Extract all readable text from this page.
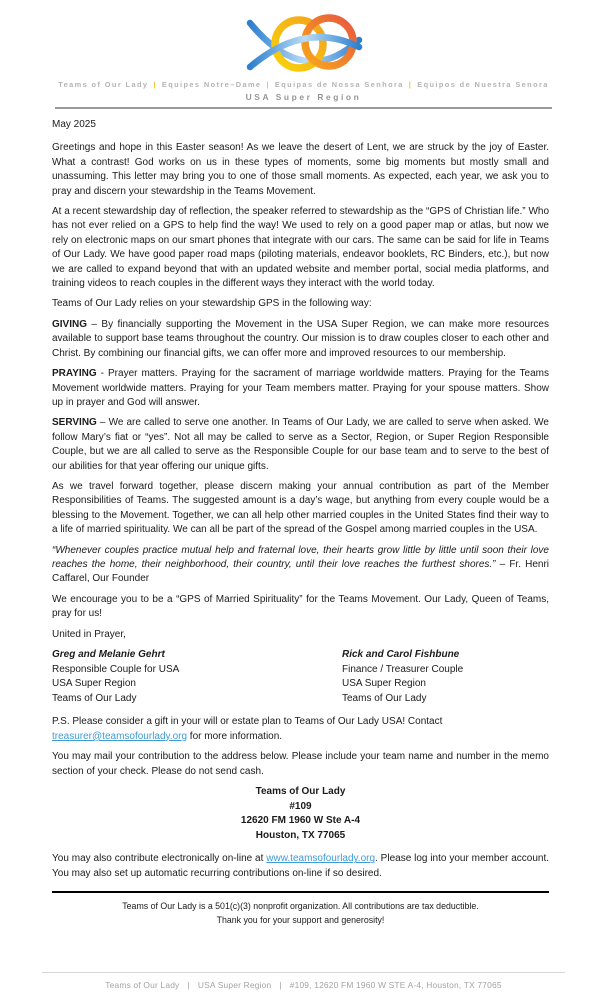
Teams of Our Lady | Equipes Notre–Dame | Equipas de Nossa Senhora | Equipos de Nuestra Senora
USA Super Region

May 2025

Greetings and hope in this Easter season! As we leave the desert of Lent, we are struck by the joy of Easter. What a contrast! God works on us in these types of moments, some big moments but mostly small and unassuming. This letter may bring you to one of those small moments. As expected, each year, we ask you to pray and discern your stewardship in the Teams Movement.

At a recent stewardship day of reflection, the speaker referred to stewardship as the “GPS of Christian life.” Who has not ever relied on a GPS to help find the way! We used to rely on a good paper map or atlas, but now we rely on electronic maps on our smart phones that integrate with our cars. The same can be said for life in Teams of Our Lady. We have good paper road maps (piloting materials, endeavor booklets, RC Binders, etc.), but now we are called to expand beyond that with an updated website and member portal, social media platforms, and training videos to reach couples in the different ways they interact with the world today.

Teams of Our Lady relies on your stewardship GPS in the following way:

GIVING – By financially supporting the Movement in the USA Super Region, we can make more resources available to support base teams throughout the country. Our mission is to draw couples closer to each other and Christ. By combining our financial gifts, we can offer more and improved resources to our membership.

PRAYING - Prayer matters. Praying for the sacrament of marriage worldwide matters. Praying for the Teams Movement worldwide matters. Praying for your Team members matter. Praying for your spouse matters. Show up in prayer and God will answer.

SERVING – We are called to serve one another. In Teams of Our Lady, we are called to serve when asked. We follow Mary’s fiat or “yes”. Not all may be called to serve as a Sector, Region, or Super Region Responsible Couple, but we are all called to serve as the Responsible Couple for our base team and to serve to the best of our abilities for that year offering our unique gifts.

As we travel forward together, please discern making your annual contribution as part of the Member Responsibilities of Teams. The suggested amount is a day’s wage, but anything from every couple would be a blessing to the Movement. Together, we can all help other married couples in the United States find their way to a life of married spirituality. We can all be part of the spread of the Gospel among married couples in the USA.

“Whenever couples practice mutual help and fraternal love, their hearts grow little by little until soon their love reaches the home, their neighborhood, their country, until their love reaches the furthest shores.” – Fr. Henri Caffarel, Our Founder

We encourage you to be a “GPS of Married Spirituality” for the Teams Movement. Our Lady, Queen of Teams, pray for us!

United in Prayer,

Greg and Melanie Gehrt
Responsible Couple for USA
USA Super Region
Teams of Our Lady
Rick and Carol Fishbune
Finance / Treasurer Couple
USA Super Region
Teams of Our Lady

P.S. Please consider a gift in your will or estate plan to Teams of Our Lady USA! Contact treasurer@teamsofourlady.org for more information.

You may mail your contribution to the address below. Please include your team name and number in the memo section of your check. Please do not send cash.

Teams of Our Lady
#109
12620 FM 1960 W Ste A-4
Houston, TX 77065

You may also contribute electronically on-line at www.teamsofourlady.org. Please log into your member account. You may also set up automatic recurring contributions on-line if so desired.

Teams of Our Lady is a 501(c)(3) nonprofit organization. All contributions are tax deductible.
Thank you for your support and generosity!
Teams of Our Lady | USA Super Region | #109, 12620 FM 1960 W STE A-4, Houston, TX 77065
